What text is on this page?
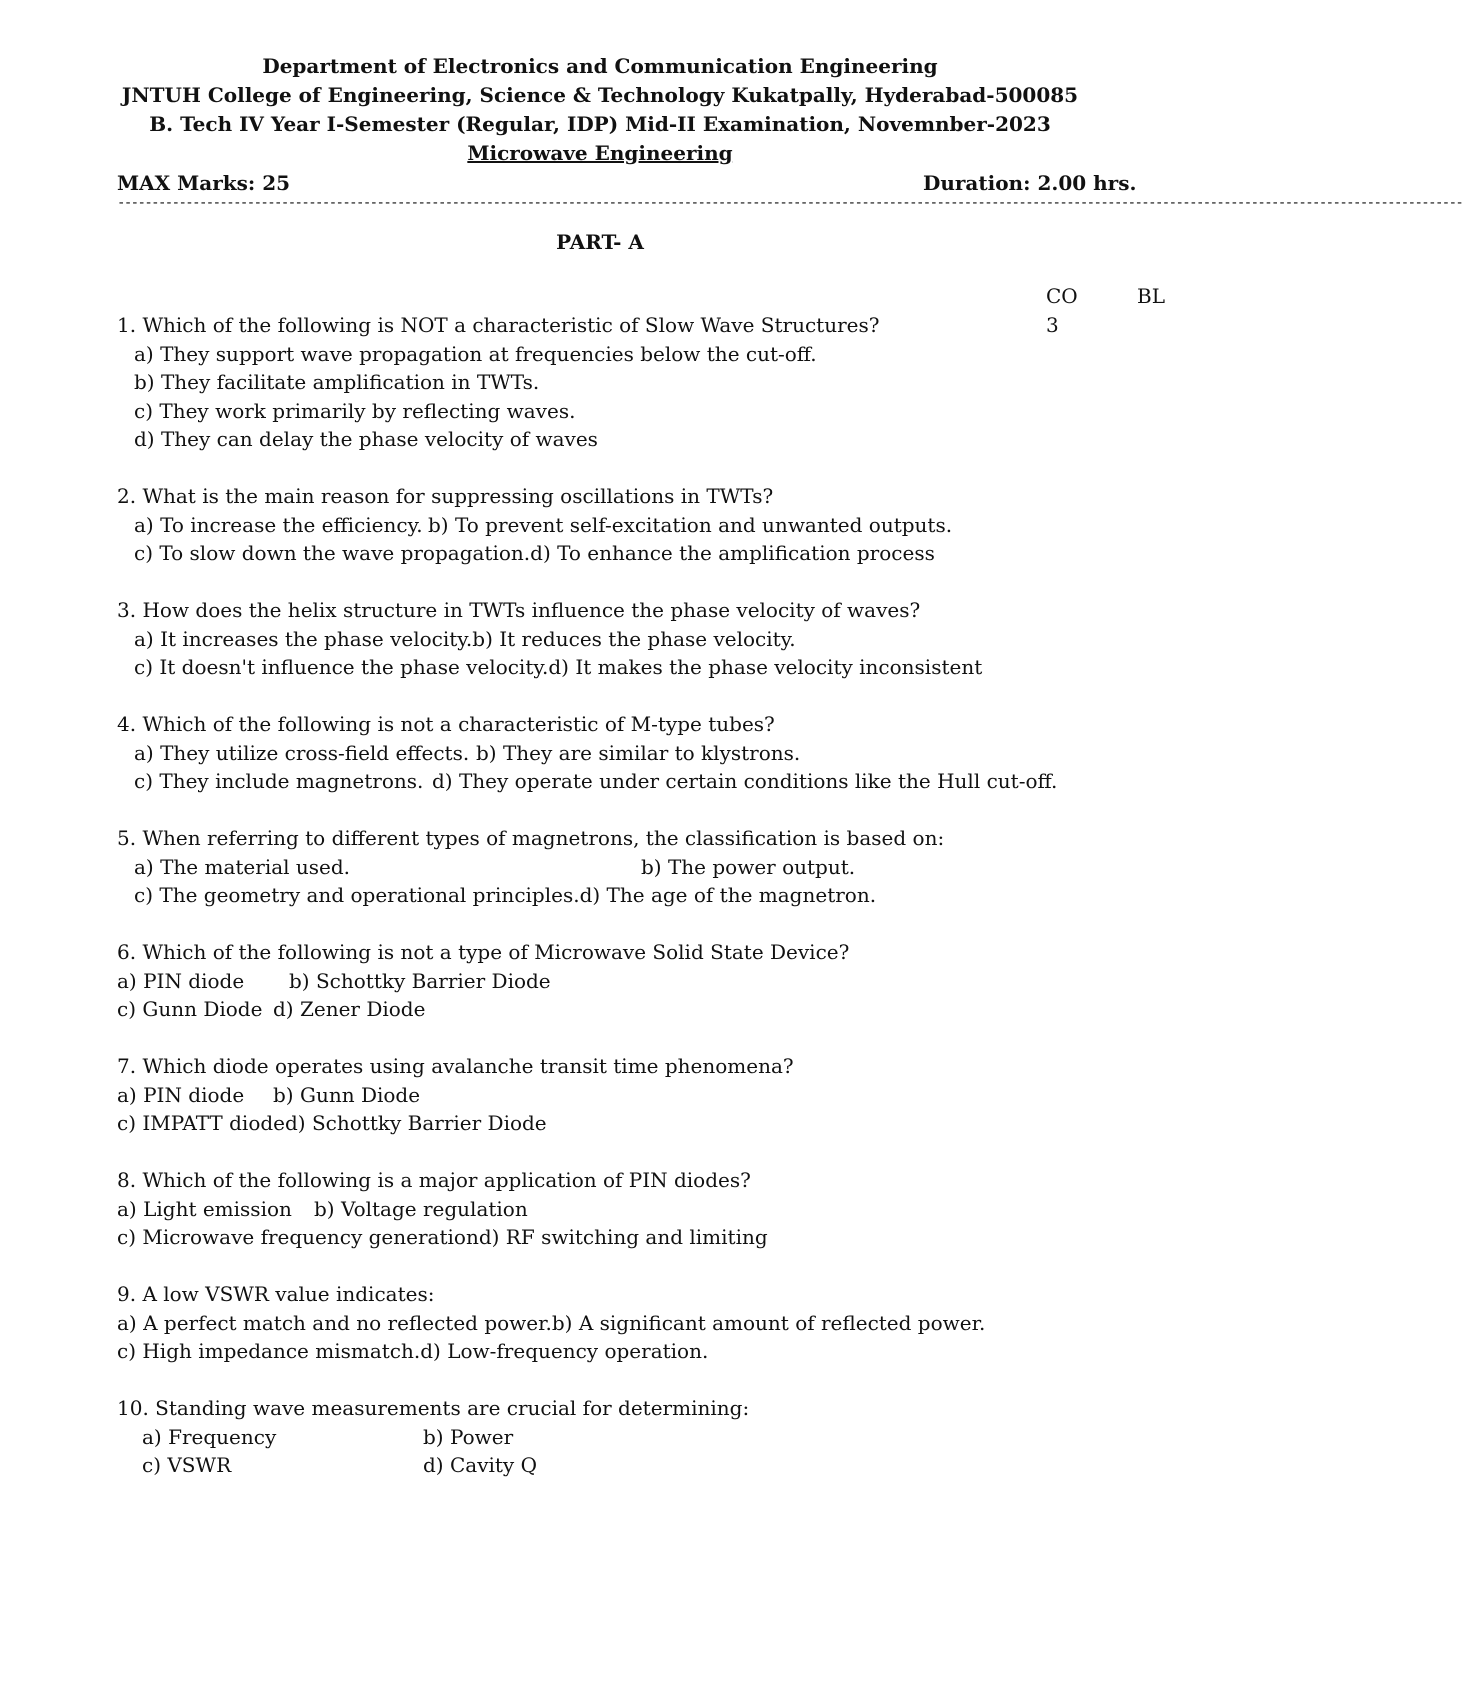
Department of Electronics and Communication Engineering
JNTUH College of Engineering, Science & Technology Kukatpally, Hyderabad-500085
B. Tech IV Year I-Semester (Regular, IDP) Mid-II Examination, Novemnber-2023
Microwave Engineering
MAX Marks: 25	Duration: 2.00 hrs.
-----------------------------------------------------------------------------------------------------------------------------------------------------------------------------------------------------
PART- A
CO	BL
1. Which of the following is NOT a characteristic of Slow Wave Structures?	3
a) They support wave propagation at frequencies below the cut-off.
b) They facilitate amplification in TWTs.
c) They work primarily by reflecting waves.
d) They can delay the phase velocity of waves
2. What is the main reason for suppressing oscillations in TWTs?
a) To increase the efficiency. b) To prevent self-excitation and unwanted outputs.
c) To slow down the wave propagation.d) To enhance the amplification process
3. How does the helix structure in TWTs influence the phase velocity of waves?
a) It increases the phase velocity.b) It reduces the phase velocity.
c) It doesn't influence the phase velocity.d) It makes the phase velocity inconsistent
4. Which of the following is not a characteristic of M-type tubes?
a) They utilize cross-field effects. b) They are similar to klystrons.
c) They include magnetrons. d) They operate under certain conditions like the Hull cut-off.
5. When referring to different types of magnetrons, the classification is based on:
a) The material used.	b) The power output.
c) The geometry and operational principles.d) The age of the magnetron.
6. Which of the following is not a type of Microwave Solid State Device?
a) PIN diode b) Schottky Barrier Diode
c) Gunn Diode d) Zener Diode
7. Which diode operates using avalanche transit time phenomena?
a) PIN diode b) Gunn Diode
c) IMPATT dioded) Schottky Barrier Diode
8. Which of the following is a major application of PIN diodes?
a) Light emission b) Voltage regulation
c) Microwave frequency generationd) RF switching and limiting
9. A low VSWR value indicates:
a) A perfect match and no reflected power.b) A significant amount of reflected power.
c) High impedance mismatch.d) Low-frequency operation.
10. Standing wave measurements are crucial for determining:
a) Frequency	b) Power
c) VSWR	d) Cavity Q
